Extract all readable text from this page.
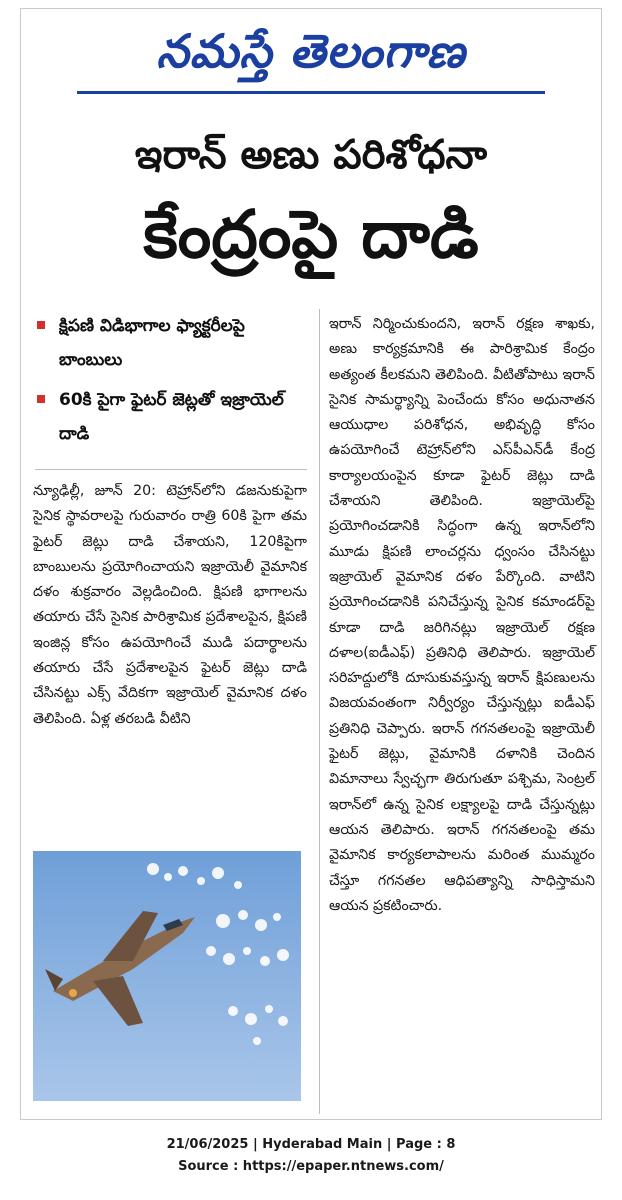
నమస్తే తెలంగాణ
ఇరాన్ అణు పరిశోధనా
కేంద్రంపై దాడి
క్షిపణి విడిభాగాల ఫ్యాక్టరీలపై బాంబులు
60కి పైగా ఫైటర్ జెట్లతో ఇజ్రాయెల్ దాడి
న్యూఢిల్లీ, జూన్ 20: టెహ్రాన్‌లోని డజనుకుపైగా సైనిక స్థావరాలపై గురువారం రాత్రి 60కి పైగా తమ ఫైటర్ జెట్లు దాడి చేశాయని, 120కిపైగా బాంబులను ప్రయోగించాయని ఇజ్రాయెలీ వైమానిక దళం శుక్రవారం వెల్లడించింది. క్షిపణి భాగాలను తయారు చేసే సైనిక పారిశ్రామిక ప్రదేశాలపైన, క్షిపణి ఇంజిన్ల కోసం ఉపయోగించే ముడి పదార్థాలను తయారు చేసే ప్రదేశాలపైన ఫైటర్ జెట్లు దాడి చేసినట్టు ఎక్స్ వేదికగా ఇజ్రాయెల్ వైమానిక దళం తెలిపింది. ఏళ్ల తరబడి వీటిని
ఇరాన్ నిర్మించుకుందని, ఇరాన్ రక్షణ శాఖకు, అణు కార్యక్రమానికి ఈ పారిశ్రామిక కేంద్రం అత్యంత కీలకమని తెలిపింది. వీటితోపాటు ఇరాన్ సైనిక సామర్థ్యాన్ని పెంచేందు కోసం అధునాతన ఆయుధాల పరిశోధన, అభివృద్ధి కోసం ఉపయోగించే టెహ్రాన్‌లోని ఎస్‌పీఎన్‌డీ కేంద్ర కార్యాలయంపైన కూడా ఫైటర్ జెట్లు దాడి చేశాయని తెలిపింది. ఇజ్రాయెల్‌పై ప్రయోగించడానికి సిద్ధంగా ఉన్న ఇరాన్‌లోని మూడు క్షిపణి లాంచర్లను ధ్వంసం చేసినట్టు ఇజ్రాయెల్ వైమానిక దళం పేర్కొంది. వాటిని ప్రయోగించడానికి పనిచేస్తున్న సైనిక కమాండర్‌పై కూడా దాడి జరిగినట్లు ఇజ్రాయెల్ రక్షణ దళాల(ఐడీఎఫ్) ప్రతినిధి తెలిపారు. ఇజ్రాయెల్ సరిహద్దులోకి దూసుకువస్తున్న ఇరాన్ క్షిపణులను విజయవంతంగా నిర్వీర్యం చేస్తున్నట్లు ఐడీఎఫ్ ప్రతినిధి చెప్పారు. ఇరాన్ గగనతలంపై ఇజ్రాయెలీ ఫైటర్ జెట్లు, వైమానికి దళానికి చెందిన విమానాలు స్వేచ్ఛగా తిరుగుతూ పశ్చిమ, సెంట్రల్ ఇరాన్‌లో ఉన్న సైనిక లక్ష్యాలపై దాడి చేస్తున్నట్లు ఆయన తెలిపారు. ఇరాన్ గగనతలంపై తమ వైమానిక కార్యకలాపాలను మరింత ముమ్మరం చేస్తూ గగనతల ఆధిపత్యాన్ని సాధిస్తామని ఆయన ప్రకటించారు.
21/06/2025 | Hyderabad Main | Page : 8
Source : https://epaper.ntnews.com/
